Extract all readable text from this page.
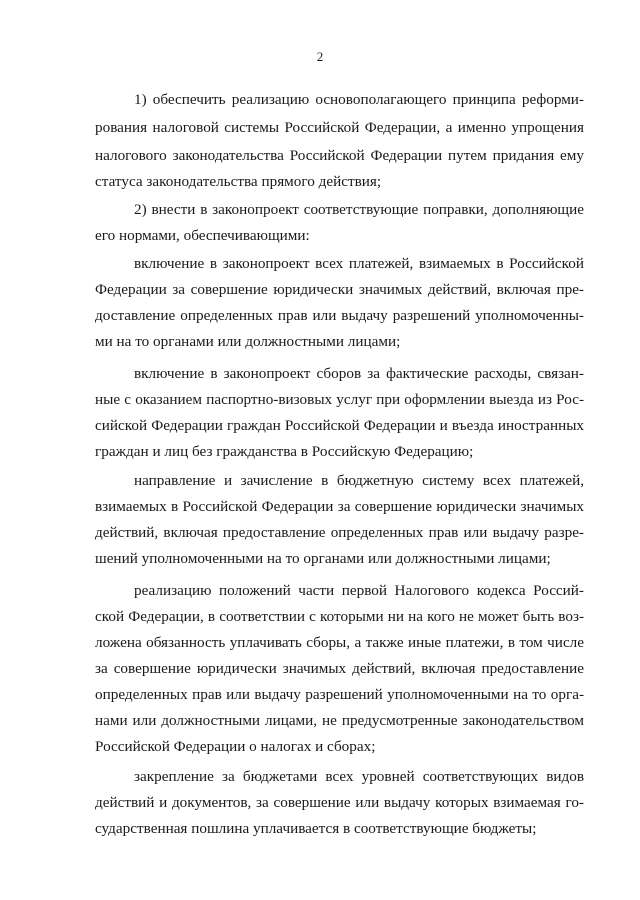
2
1) обеспечить реализацию основополагающего принципа реформи-
рования налоговой системы Российской Федерации, а именно упрощения
налогового законодательства Российской Федерации путем придания ему
статуса законодательства прямого действия;
2) внести в законопроект соответствующие поправки, дополняющие
его нормами, обеспечивающими:
включение в законопроект всех платежей, взимаемых в Российской
Федерации за совершение юридически значимых действий, включая пре-
доставление определенных прав или выдачу разрешений уполномоченны-
ми на то органами или должностными лицами;
включение в законопроект сборов за фактические расходы, связан-
ные с оказанием паспортно-визовых услуг при оформлении выезда из Рос-
сийской Федерации граждан Российской Федерации и въезда иностранных
граждан и лиц без гражданства в Российскую Федерацию;
направление и зачисление в бюджетную систему всех платежей,
взимаемых в Российской Федерации за совершение юридически значимых
действий, включая предоставление определенных прав или выдачу разре-
шений уполномоченными на то органами или должностными лицами;
реализацию положений части первой Налогового кодекса Россий-
ской Федерации, в соответствии с которыми ни на кого не может быть воз-
ложена обязанность уплачивать сборы, а также иные платежи, в том числе
за совершение юридически значимых действий, включая предоставление
определенных прав или выдачу разрешений уполномоченными на то орга-
нами или должностными лицами, не предусмотренные законодательством
Российской Федерации о налогах и сборах;
закрепление за бюджетами всех уровней соответствующих видов
действий и документов, за совершение или выдачу которых взимаемая го-
сударственная пошлина уплачивается в соответствующие бюджеты;
